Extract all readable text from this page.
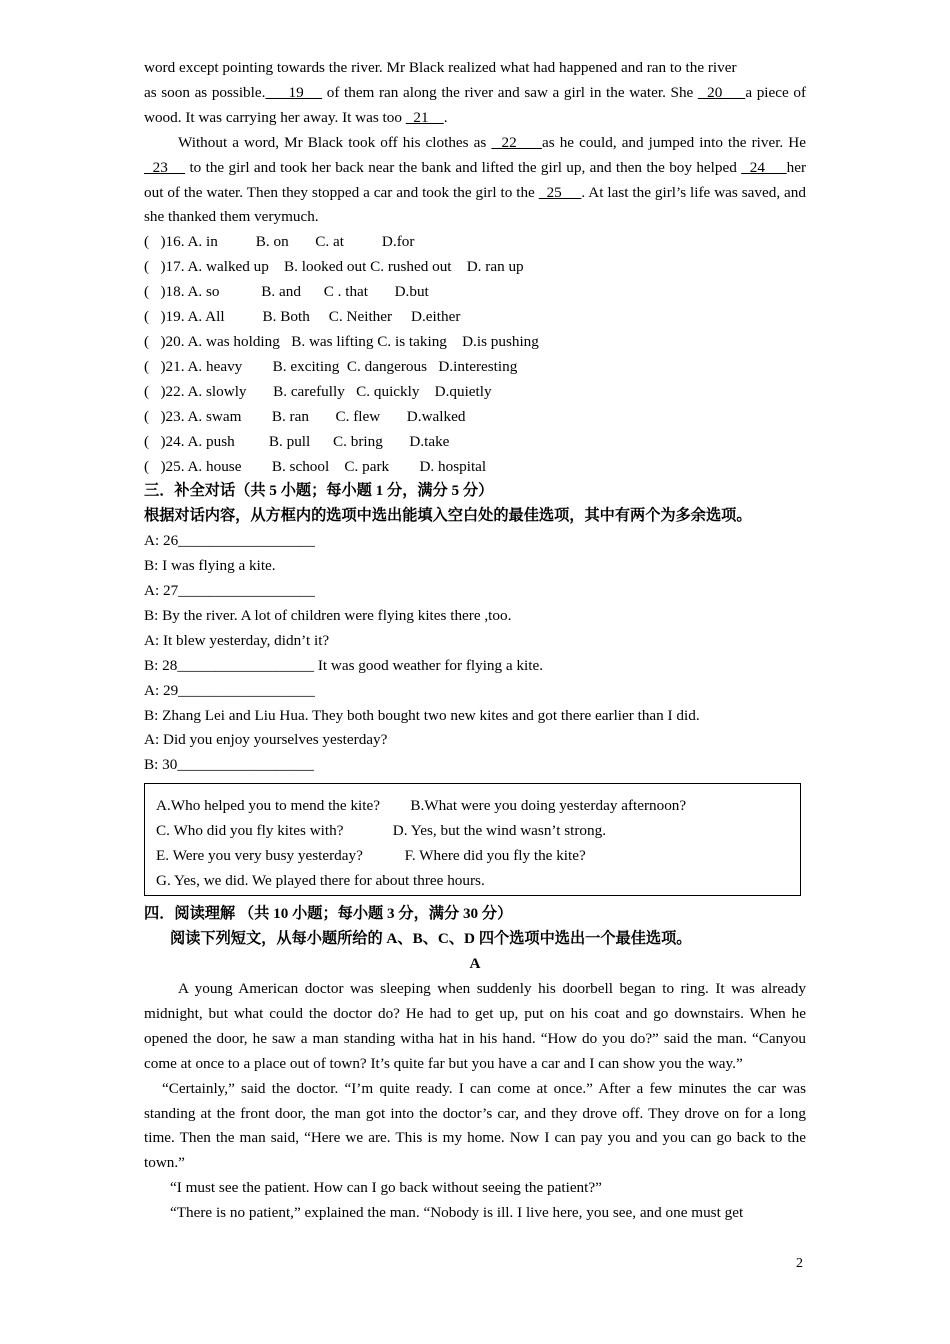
word except pointing towards the river. Mr Black realized what had happened and ran to the river

as soon as possible.     19     of them ran along the river and saw a girl in the water. She   20     a piece of wood. It was carrying her away. It was too   21    .

Without a word, Mr Black took off his clothes as   22     as he could, and jumped into the river. He   23     to the girl and took her back near the bank and lifted the girl up, and then the boy helped   24     her out of the water. Then they stopped a car and took the girl to the   25     . At last the girl’s life was saved, and she thanked them verymuch.

(   )16. A. in          B. on       C. at          D.for

(   )17. A. walked up    B. looked out C. rushed out    D. ran up

(   )18. A. so           B. and      C . that       D.but

(   )19. A. All          B. Both     C. Neither     D.either

(   )20. A. was holding   B. was lifting C. is taking    D.is pushing

(   )21. A. heavy        B. exciting  C. dangerous   D.interesting

(   )22. A. slowly       B. carefully   C. quickly    D.quietly

(   )23. A. swam        B. ran       C. flew       D.walked

(   )24. A. push         B. pull      C. bring       D.take

(   )25. A. house        B. school    C. park        D. hospital

三．补全对话（共 5 小题；每小题 1 分，满分 5 分）

根据对话内容，从方框内的选项中选出能填入空白处的最佳选项，其中有两个为多余选项。

A: 26__________________

B: I was flying a kite.

A: 27__________________

B: By the river. A lot of children were flying kites there ,too.

A: It blew yesterday, didn’t it?

B: 28__________________ It was good weather for flying a kite.

A: 29__________________

B: Zhang Lei and Liu Hua. They both bought two new kites and got there earlier than I did.

A: Did you enjoy yourselves yesterday?

B: 30__________________

A.Who helped you to mend the kite?        B.What were you doing yesterday afternoon?
C. Who did you fly kites with?             D. Yes, but the wind wasn’t strong.
E. Were you very busy yesterday?           F. Where did you fly the kite?
G. Yes, we did. We played there for about three hours.

四．阅读理解 （共 10 小题；每小题 3 分，满分 30 分）

阅读下列短文，从每小题所给的 A、B、C、D 四个选项中选出一个最佳选项。

A

A young American doctor was sleeping when suddenly his doorbell began to ring. It was already midnight, but what could the doctor do? He had to get up, put on his coat and go downstairs. When he opened the door, he saw a man standing witha hat in his hand. “How do you do?” said the man. “Canyou come at once to a place out of town? It’s quite far but you have a car and I can show you the way.”

“Certainly,” said the doctor. “I’m quite ready. I can come at once.” After a few minutes the car was standing at the front door, the man got into the doctor’s car, and they drove off. They drove on for a long time. Then the man said, “Here we are. This is my home. Now I can pay you and you can go back to the town.”

“I must see the patient. How can I go back without seeing the patient?”

“There is no patient,” explained the man. “Nobody is ill. I live here, you see, and one must get

2
